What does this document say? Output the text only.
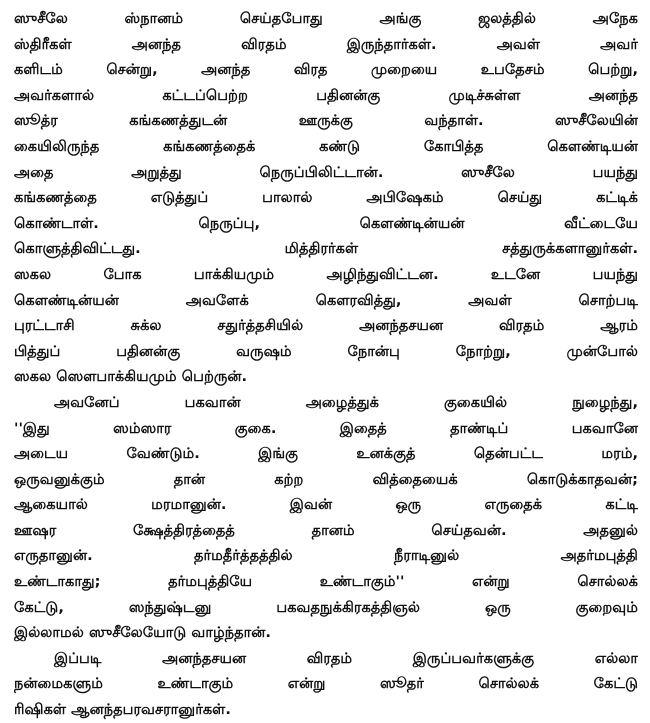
ஸுசீலே ஸ்நானம் செய்தபோது அங்கு ஜலத்தில் அநேக
ஸ்திரீகள் அனந்த விரதம் இருந்தார்கள். அவள் அவர்
களிடம் சென்று, அனந்த விரத முறையை உபதேசம் பெற்று,
அவர்களால் கட்டப்பெற்ற பதினன்கு முடிச்சுள்ள அனந்த
ஸூத்ர கங்கணத்துடன் ஊருக்கு வந்தாள். ஸுசீலேயின்
கையிலிருந்த கங்கணத்தைக் கண்டு கோபித்த கௌண்டியன்
அதை அறுத்து நெருப்பிலிட்டான். ஸுசீலே பயந்து
கங்கணத்தை எடுத்துப் பாலால் அபிஷேகம் செய்து கட்டிக்
கொண்டாள். நெருப்பு, கௌண்டின்யன் வீட்டையே
கொளுத்திவிட்டது. மித்திரர்கள் சத்துருக்களானுர்கள்.
ஸகல போக பாக்கியமும் அழிந்துவிட்டன. உடனே பயந்து
கௌண்டின்யன் அவளேக் கௌரவித்து, அவள் சொற்படி
புரட்டாசி சுக்ல சதுர்த்தசியில் அனந்தசயன விரதம் ஆரம்
பித்துப் பதினன்கு வருஷம் நோன்பு நோற்று, முன்போல்
ஸகல ஸௌபாக்கியமும் பெற்ருன்.
அவனேப் பகவான் அழைத்துக் குகையில் நுழைந்து,
''இது ஸம்ஸார குகை. இதைத் தாண்டிப் பகவானே
அடைய வேண்டும். இங்கு உனக்குத் தென்பட்ட மரம்,
ஒருவனுக்கும் தான் கற்ற வித்தையைக் கொடுக்காதவன்;
ஆகையால் மரமானுன். இவன் ஒரு எருதைக் கட்டி
ஊஷர க்ஷேத்திரத்தைத் தானம் செய்தவன். அதனுல்
எருதானுன். தர்மதீர்த்தத்தில் நீராடினுல் அதர்மபுத்தி
உண்டாகாது; தர்மபுத்தியே உண்டாகும்'' என்று சொல்லக்
கேட்டு, ஸந்துஷ்டனு பகவதநுக்கிரகத்திஞல் ஒரு குறைவும்
இல்லாமல் ஸுசீலேயோடு வாழ்ந்தான்.
இப்படி அனந்தசயன விரதம் இருப்பவர்களுக்கு எல்லா
நன்மைகளும் உண்டாகும் என்று ஸூதர் சொல்லக் கேட்டு
ரிஷிகள் ஆனந்தபரவசரானுர்கள்.
